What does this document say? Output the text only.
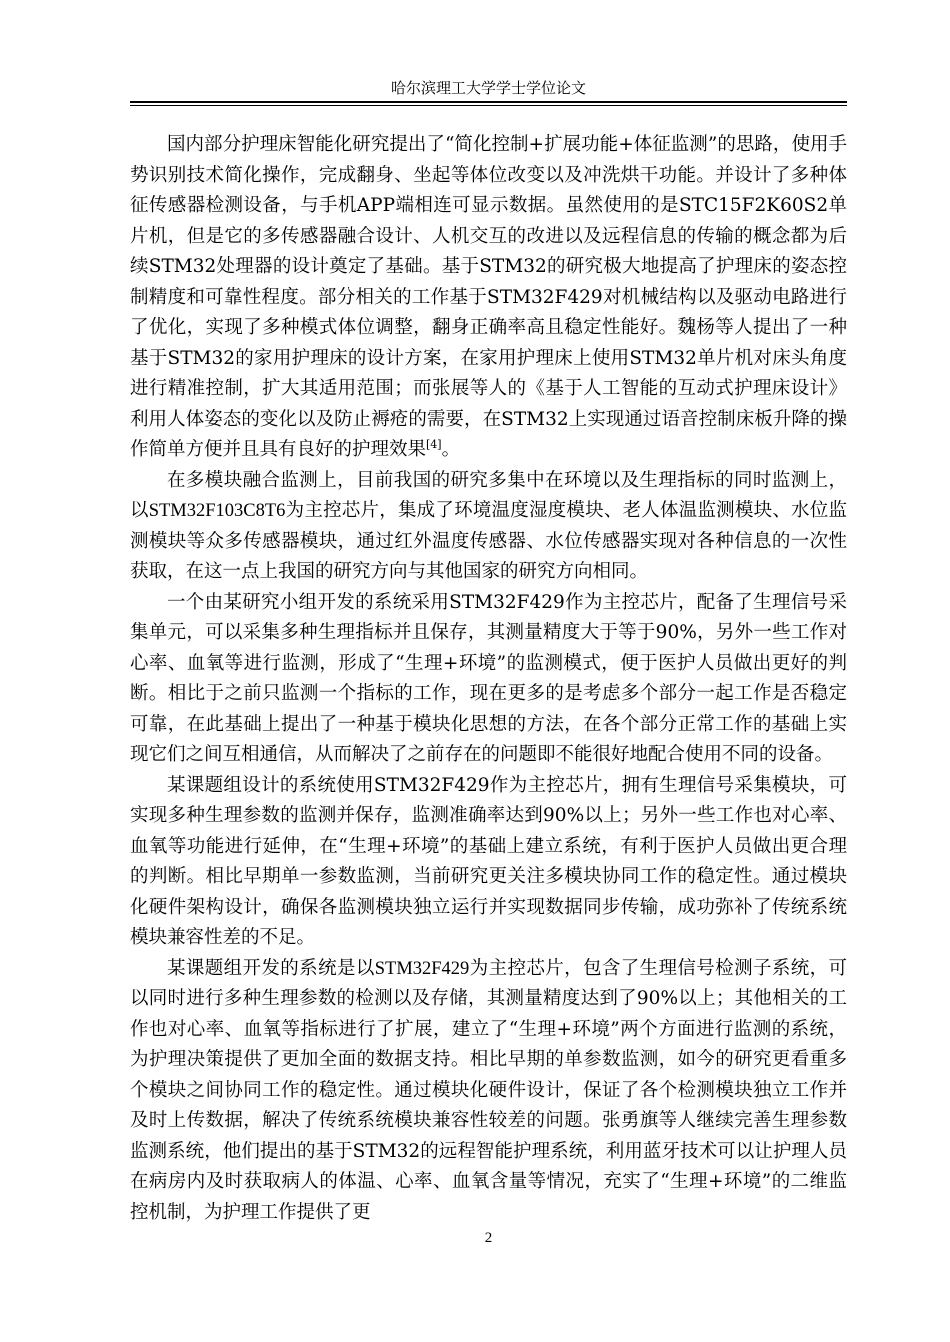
哈尔滨理工大学学士学位论文

国内部分护理床智能化研究提出了“简化控制+扩展功能+体征监测”的思路，使用手势识别技术简化操作，完成翻身、坐起等体位改变以及冲洗烘干功能。并设计了多种体征传感器检测设备，与手机APP端相连可显示数据。虽然使用的是STC15F2K60S2单片机，但是它的多传感器融合设计、人机交互的改进以及远程信息的传输的概念都为后续STM32处理器的设计奠定了基础。基于STM32的研究极大地提高了护理床的姿态控制精度和可靠性程度。部分相关的工作基于STM32F429对机械结构以及驱动电路进行了优化，实现了多种模式体位调整，翻身正确率高且稳定性能好。魏杨等人提出了一种基于STM32的家用护理床的设计方案，在家用护理床上使用STM32单片机对床头角度进行精准控制，扩大其适用范围；而张展等人的《基于人工智能的互动式护理床设计》利用人体姿态的变化以及防止褥疮的需要，在STM32上实现通过语音控制床板升降的操作简单方便并且具有良好的护理效果[4]。

在多模块融合监测上，目前我国的研究多集中在环境以及生理指标的同时监测上，以STM32F103C8T6为主控芯片，集成了环境温度湿度模块、老人体温监测模块、水位监测模块等众多传感器模块，通过红外温度传感器、水位传感器实现对各种信息的一次性获取，在这一点上我国的研究方向与其他国家的研究方向相同。

一个由某研究小组开发的系统采用STM32F429作为主控芯片，配备了生理信号采集单元，可以采集多种生理指标并且保存，其测量精度大于等于90%，另外一些工作对心率、血氧等进行监测，形成了“生理+环境”的监测模式，便于医护人员做出更好的判断。相比于之前只监测一个指标的工作，现在更多的是考虑多个部分一起工作是否稳定可靠，在此基础上提出了一种基于模块化思想的方法，在各个部分正常工作的基础上实现它们之间互相通信，从而解决了之前存在的问题即不能很好地配合使用不同的设备。

某课题组设计的系统使用STM32F429作为主控芯片，拥有生理信号采集模块，可实现多种生理参数的监测并保存，监测准确率达到90%以上；另外一些工作也对心率、血氧等功能进行延伸，在“生理+环境”的基础上建立系统，有利于医护人员做出更合理的判断。相比早期单一参数监测，当前研究更关注多模块协同工作的稳定性。通过模块化硬件架构设计，确保各监测模块独立运行并实现数据同步传输，成功弥补了传统系统模块兼容性差的不足。

某课题组开发的系统是以STM32F429为主控芯片，包含了生理信号检测子系统，可以同时进行多种生理参数的检测以及存储，其测量精度达到了90%以上；其他相关的工作也对心率、血氧等指标进行了扩展，建立了“生理+环境”两个方面进行监测的系统，为护理决策提供了更加全面的数据支持。相比早期的单参数监测，如今的研究更看重多个模块之间协同工作的稳定性。通过模块化硬件设计，保证了各个检测模块独立工作并及时上传数据，解决了传统系统模块兼容性较差的问题。张勇旗等人继续完善生理参数监测系统，他们提出的基于STM32的远程智能护理系统，利用蓝牙技术可以让护理人员在病房内及时获取病人的体温、心率、血氧含量等情况，充实了“生理+环境”的二维监控机制，为护理工作提供了更

2
